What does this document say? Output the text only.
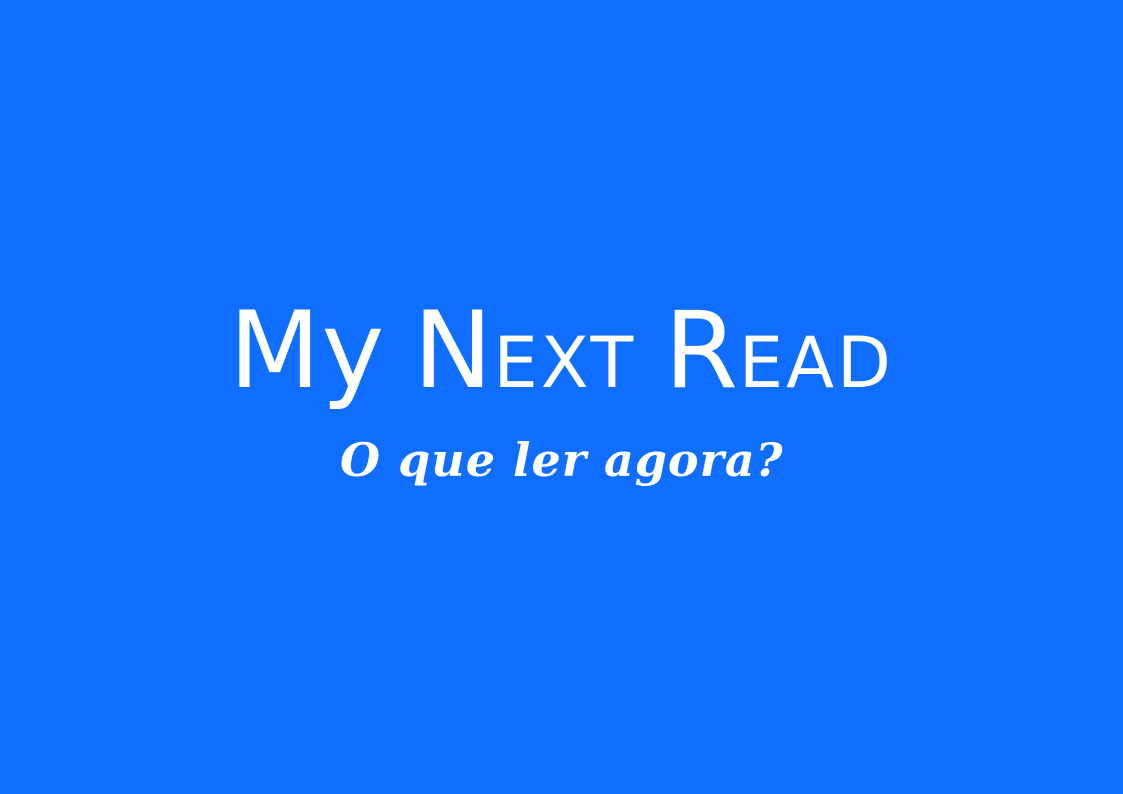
My NEXT READ
O que ler agora?
